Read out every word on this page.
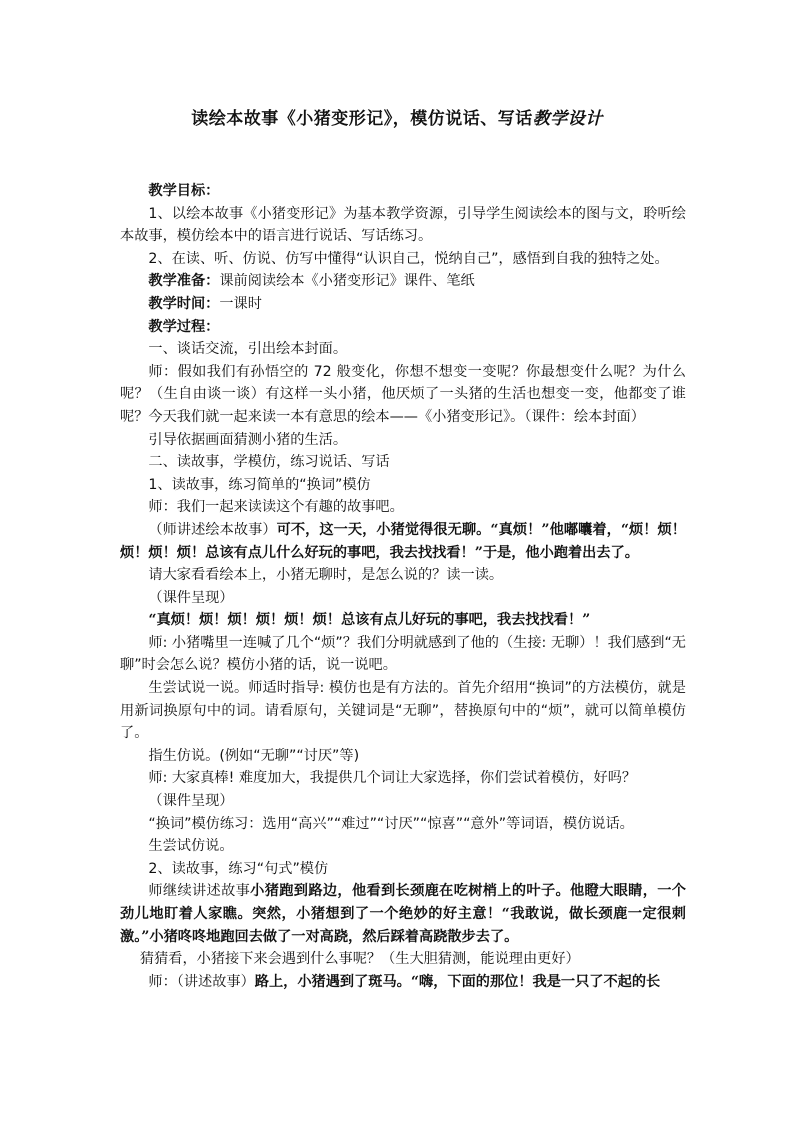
读绘本故事《小猪变形记》，模仿说话、写话教学设计

教学目标：

1、以绘本故事《小猪变形记》为基本教学资源，引导学生阅读绘本的图与文，聆听绘本故事，模仿绘本中的语言进行说话、写话练习。

2、在读、听、仿说、仿写中懂得“认识自己，悦纳自己”，感悟到自我的独特之处。

教学准备：课前阅读绘本《小猪变形记》课件、笔纸

教学时间：一课时

教学过程：

一、谈话交流，引出绘本封面。

师：假如我们有孙悟空的 72 般变化，你想不想变一变呢？你最想变什么呢？为什么呢？（生自由谈一谈）有这样一头小猪，他厌烦了一头猪的生活也想变一变，他都变了谁呢？今天我们就一起来读一本有意思的绘本——《小猪变形记》。（课件：绘本封面）

引导依据画面猜测小猪的生活。

二、读故事，学模仿，练习说话、写话

1、读故事，练习简单的“换词”模仿

师：我们一起来读读这个有趣的故事吧。

（师讲述绘本故事）可不，这一天，小猪觉得很无聊。“真烦！”他嘟囔着，“烦！烦！烦！烦！烦！总该有点儿什么好玩的事吧，我去找找看！”于是，他小跑着出去了。

请大家看看绘本上，小猪无聊时，是怎么说的？读一读。

（课件呈现）

“真烦！烦！烦！烦！烦！烦！总该有点儿好玩的事吧，我去找找看！”

师: 小猪嘴里一连喊了几个“烦”？我们分明就感到了他的（生接: 无聊）！我们感到“无聊”时会怎么说？模仿小猪的话，说一说吧。

生尝试说一说。师适时指导: 模仿也是有方法的。首先介绍用“换词”的方法模仿，就是用新词换原句中的词。请看原句，关键词是“无聊”，替换原句中的“烦”，就可以简单模仿了。

指生仿说。(例如“无聊”“讨厌”等)

师: 大家真棒! 难度加大，我提供几个词让大家选择，你们尝试着模仿，好吗？

（课件呈现）

“换词”模仿练习：选用“高兴”“难过”“讨厌”“惊喜”“意外”等词语，模仿说话。

生尝试仿说。

2、读故事，练习“句式”模仿

师继续讲述故事小猪跑到路边，他看到长颈鹿在吃树梢上的叶子。他瞪大眼睛，一个劲儿地盯着人家瞧。突然，小猪想到了一个绝妙的好主意！“我敢说，做长颈鹿一定很刺激。”小猪咚咚地跑回去做了一对高跷，然后踩着高跷散步去了。

猜猜看，小猪接下来会遇到什么事呢？（生大胆猜测，能说理由更好）

师：（讲述故事）路上，小猪遇到了斑马。“嗨，下面的那位！我是一只了不起的长
